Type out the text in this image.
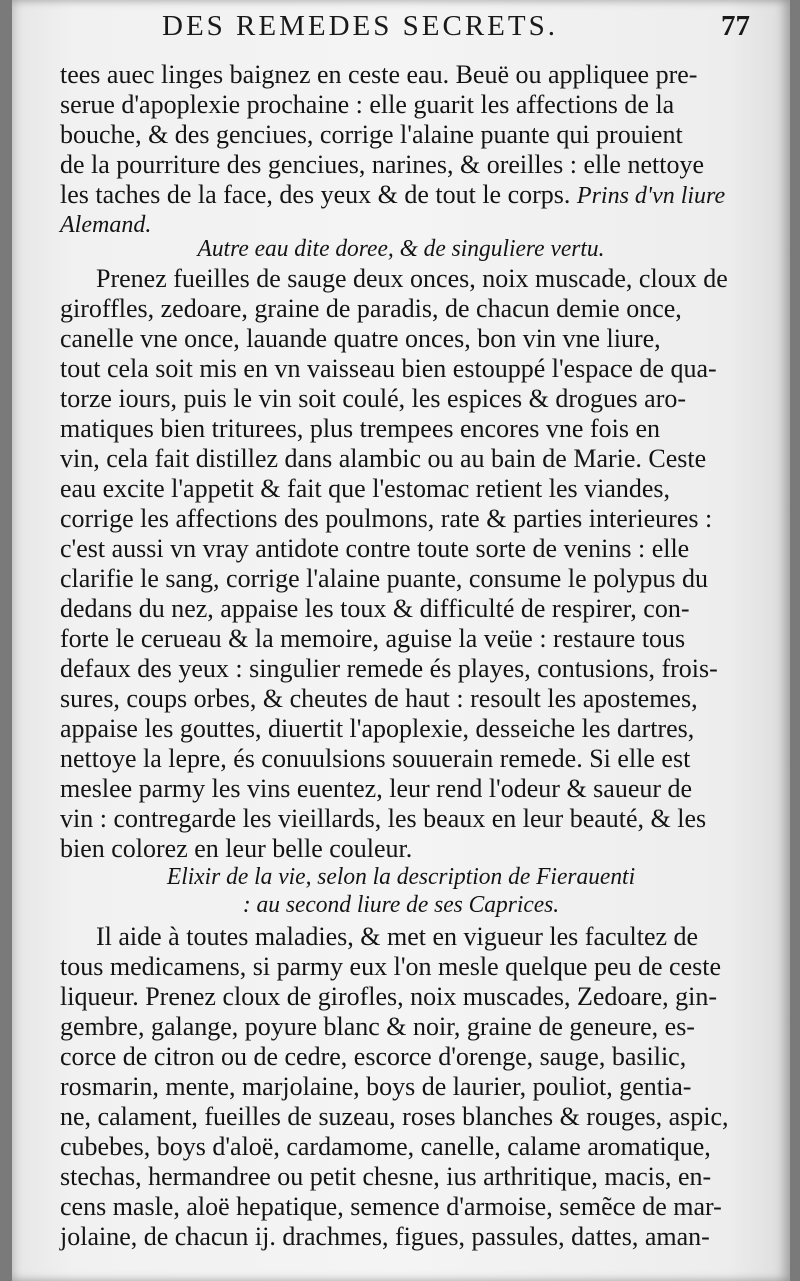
DES REMEDES SECRETS.	77

tees auec linges baignez en ceste eau. Beuë ou appliquee pre-
serue d'apoplexie prochaine : elle guarit les affections de la
bouche, & des genciues, corrige l'alaine puante qui prouient
de la pourriture des genciues, narines, & oreilles : elle nettoye
les taches de la face, des yeux & de tout le corps. Prins d'vn liure
Alemand.
Autre eau dite doree, & de singuliere vertu.
Prenez fueilles de sauge deux onces, noix muscade, cloux de
giroffles, zedoare, graine de paradis, de chacun demie once,
canelle vne once, lauande quatre onces, bon vin vne liure,
tout cela soit mis en vn vaisseau bien estouppé l'espace de qua-
torze iours, puis le vin soit coulé, les espices & drogues aro-
matiques bien triturees, plus trempees encores vne fois en
vin, cela fait distillez dans alambic ou au bain de Marie. Ceste
eau excite l'appetit & fait que l'estomac retient les viandes,
corrige les affections des poulmons, rate & parties interieures :
c'est aussi vn vray antidote contre toute sorte de venins : elle
clarifie le sang, corrige l'alaine puante, consume le polypus du
dedans du nez, appaise les toux & difficulté de respirer, con-
forte le cerueau & la memoire, aguise la veüe : restaure tous
defaux des yeux : singulier remede és playes, contusions, frois-
sures, coups orbes, & cheutes de haut : resoult les apostemes,
appaise les gouttes, diuertit l'apoplexie, desseiche les dartres,
nettoye la lepre, és conuulsions souuerain remede. Si elle est
meslee parmy les vins euentez, leur rend l'odeur & saueur de
vin : contregarde les vieillards, les beaux en leur beauté, & les
bien colorez en leur belle couleur.
Elixir de la vie, selon la description de Fierauenti
: au second liure de ses Caprices.
Il aide à toutes maladies, & met en vigueur les facultez de
tous medicamens, si parmy eux l'on mesle quelque peu de ceste
liqueur. Prenez cloux de girofles, noix muscades, Zedoare, gin-
gembre, galange, poyure blanc & noir, graine de geneure, es-
corce de citron ou de cedre, escorce d'orenge, sauge, basilic,
rosmarin, mente, marjolaine, boys de laurier, pouliot, gentia-
ne, calament, fueilles de suzeau, roses blanches & rouges, aspic,
cubebes, boys d'aloë, cardamome, canelle, calame aromatique,
stechas, hermandree ou petit chesne, ius arthritique, macis, en-
cens masle, aloë hepatique, semence d'armoise, semẽce de mar-
jolaine, de chacun ij. drachmes, figues, passules, dattes, aman-
